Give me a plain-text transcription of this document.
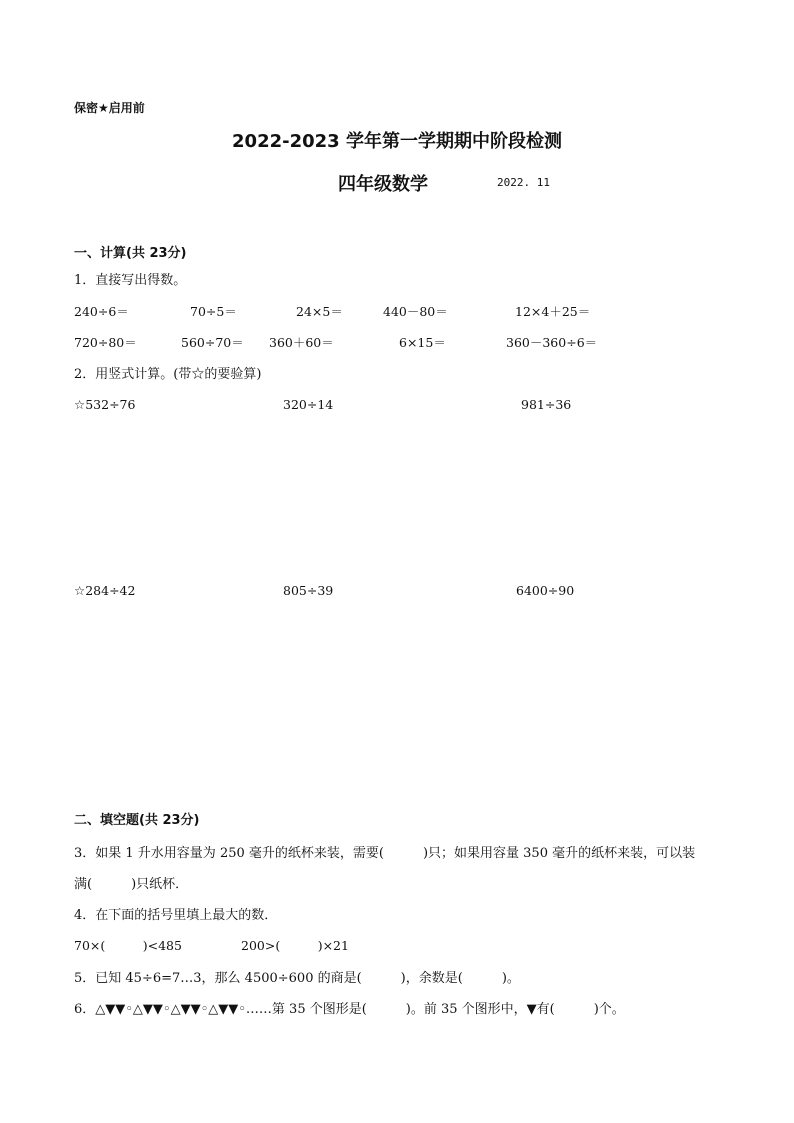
保密★启用前
2022-2023 学年第一学期期中阶段检测
四年级数学	2022. 11
一、计算(共 23分)
1．直接写出得数。
240÷6＝	70÷5＝	24×5＝	440－80＝	12×4＋25＝
720÷80＝	560÷70＝ 360＋60＝	6×15＝	360－360÷6＝
2．用竖式计算。(带☆的要验算)
☆532÷76	320÷14	981÷36
☆284÷42	805÷39	6400÷90
二、填空题(共 23分)
3．如果 1 升水用容量为 250 毫升的纸杯来装，需要(　　　)只；如果用容量 350 毫升的纸杯来装，可以装
满(　　　)只纸杯．
4．在下面的括号里填上最大的数．
70×(　　　)<485	200>(　　　)×21
5．已知 45÷6=7…3，那么 4500÷600 的商是(　　　)，余数是(　　　)。
6．△▼▼◦△▼▼◦△▼▼◦△▼▼◦……第 35 个图形是(　　　)。前 35 个图形中，▼有(　　　)个。
